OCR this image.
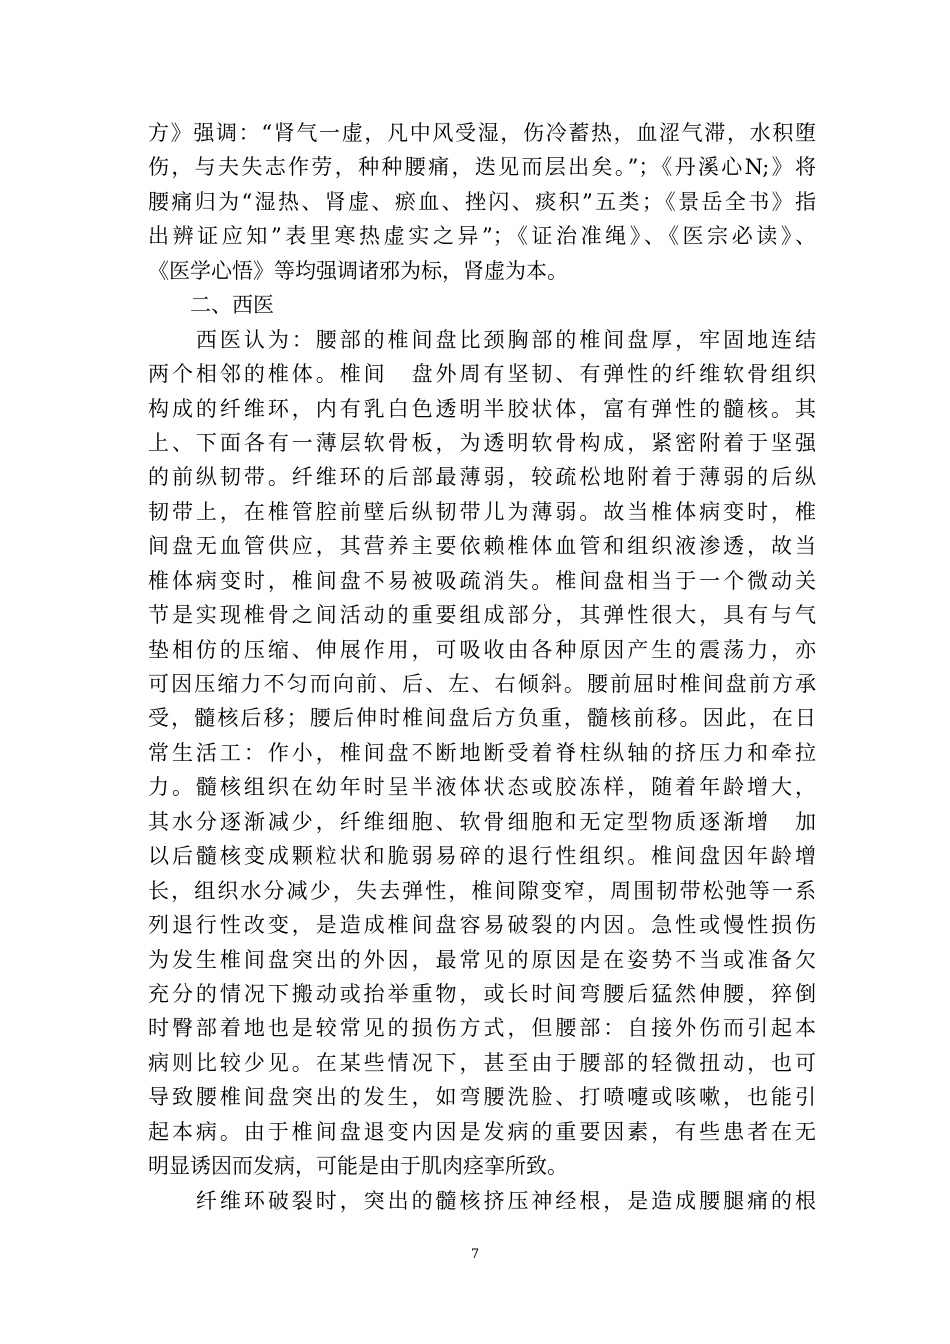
方》强调：“肾气一虚，凡中风受湿，伤冷蓄热，血涩气滞，水积堕
伤，与夫失志作劳，种种腰痛，迭见而层出矣。”；《丹溪心N;》将
腰痛归为“湿热、肾虚、瘀血、挫闪、痰积”五类；《景岳全书》指
出辨证应知”表里寒热虚实之异”；《证治准绳》、《医宗必读》、
《医学心悟》等均强调诸邪为标，肾虚为本。
　　二、西医
　　西医认为：腰部的椎间盘比颈胸部的椎间盘厚，牢固地连结
两个相邻的椎体。椎间　盘外周有坚韧、有弹性的纤维软骨组织
构成的纤维环，内有乳白色透明半胶状体，富有弹性的髓核。其
上、下面各有一薄层软骨板，为透明软骨构成，紧密附着于坚强
的前纵韧带。纤维环的后部最薄弱，较疏松地附着于薄弱的后纵
韧带上，在椎管腔前壁后纵韧带儿为薄弱。故当椎体病变时，椎
间盘无血管供应，其营养主要依赖椎体血管和组织液渗透，故当
椎体病变时，椎间盘不易被吸疏消失。椎间盘相当于一个微动关
节是实现椎骨之间活动的重要组成部分，其弹性很大，具有与气
垫相仿的压缩、伸展作用，可吸收由各种原因产生的震荡力，亦
可因压缩力不匀而向前、后、左、右倾斜。腰前屈时椎间盘前方承
受，髓核后移；腰后伸时椎间盘后方负重，髓核前移。因此，在日
常生活工：作小，椎间盘不断地断受着脊柱纵轴的挤压力和牵拉
力。髓核组织在幼年时呈半液体状态或胶冻样，随着年龄增大，
其水分逐渐减少，纤维细胞、软骨细胞和无定型物质逐渐增　加
以后髓核变成颗粒状和脆弱易碎的退行性组织。椎间盘因年龄增
长，组织水分减少，失去弹性，椎间隙变窄，周围韧带松弛等一系
列退行性改变，是造成椎间盘容易破裂的内因。急性或慢性损伤
为发生椎间盘突出的外因，最常见的原因是在姿势不当或准备欠
充分的情况下搬动或抬举重物，或长时间弯腰后猛然伸腰，猝倒
时臀部着地也是较常见的损伤方式，但腰部：自接外伤而引起本
病则比较少见。在某些情况下，甚至由于腰部的轻微扭动，也可
导致腰椎间盘突出的发生，如弯腰洗脸、打喷嚏或咳嗽，也能引
起本病。由于椎间盘退变内因是发病的重要因素，有些患者在无
明显诱因而发病，可能是由于肌肉痉挛所致。
　　纤维环破裂时，突出的髓核挤压神经根，是造成腰腿痛的根
7
